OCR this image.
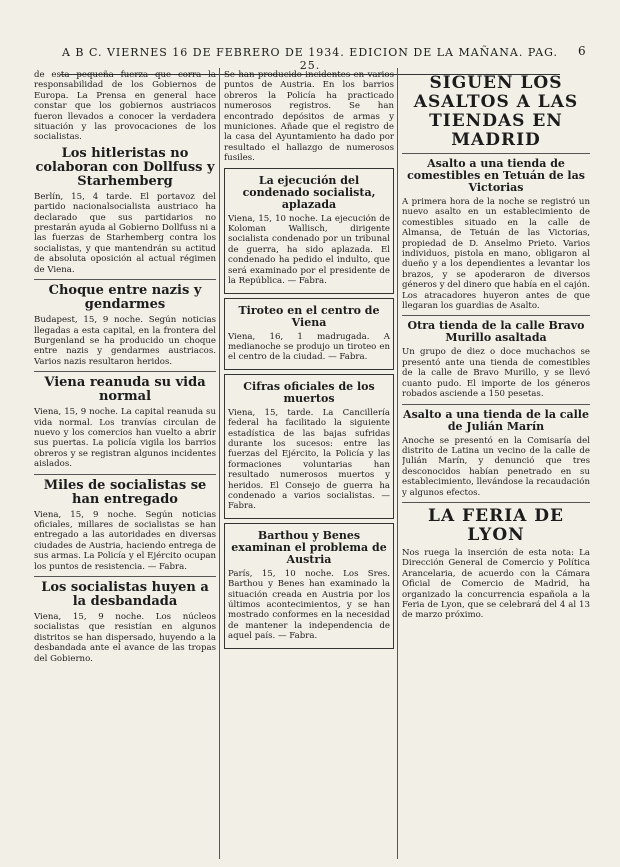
A B C. VIERNES 16 DE FEBRERO DE 1934. EDICION DE LA MAÑANA. PAG. 25.
6

de esta pequeña fuerza que corra la responsabilidad de los Gobiernos de Europa. La Prensa en general hace constar que los gobiernos austriacos fueron llevados a conocer la verdadera situación y las provocaciones de los socialistas.

Los hitleristas no colaboran con Dollfuss y Starhemberg

Berlín, 15, 4 tarde. El portavoz del partido nacionalsocialista austriaco ha declarado que sus partidarios no prestarán ayuda al Gobierno Dollfuss ni a las fuerzas de Starhemberg contra los socialistas, y que mantendrán su actitud de absoluta oposición al actual régimen de Viena.

Choque entre nazis y gendarmes

Budapest, 15, 9 noche. Según noticias llegadas a esta capital, en la frontera del Burgenland se ha producido un choque entre nazis y gendarmes austriacos. Varios nazis resultaron heridos.

Viena reanuda su vida normal

Viena, 15, 9 noche. La capital reanuda su vida normal. Los tranvías circulan de nuevo y los comercios han vuelto a abrir sus puertas. La policía vigila los barrios obreros y se registran algunos incidentes aislados.

Miles de socialistas se han entregado

Viena, 15, 9 noche. Según noticias oficiales, millares de socialistas se han entregado a las autoridades en diversas ciudades de Austria, haciendo entrega de sus armas. La Policía y el Ejército ocupan los puntos de resistencia. — Fabra.

Los socialistas huyen a la desbandada

Viena, 15, 9 noche. Los núcleos socialistas que resistían en algunos distritos se han dispersado, huyendo a la desbandada ante el avance de las tropas del Gobierno.

Se han producido incidentes en varios puntos de Austria. En los barrios obreros la Policía ha practicado numerosos registros. Se han encontrado depósitos de armas y municiones. Añade que el registro de la casa del Ayuntamiento ha dado por resultado el hallazgo de numerosos fusiles.

La ejecución del condenado socialista, aplazada

Viena, 15, 10 noche. La ejecución de Koloman Wallisch, dirigente socialista condenado por un tribunal de guerra, ha sido aplazada. El condenado ha pedido el indulto, que será examinado por el presidente de la República. — Fabra.

Tiroteo en el centro de Viena

Viena, 16, 1 madrugada. A medianoche se produjo un tiroteo en el centro de la ciudad. — Fabra.

Cifras oficiales de los muertos

Viena, 15, tarde. La Cancillería federal ha facilitado la siguiente estadística de las bajas sufridas durante los sucesos: entre las fuerzas del Ejército, la Policía y las formaciones voluntarias han resultado numerosos muertos y heridos. El Consejo de guerra ha condenado a varios socialistas. — Fabra.

Barthou y Benes examinan el problema de Austria

París, 15, 10 noche. Los Sres. Barthou y Benes han examinado la situación creada en Austria por los últimos acontecimientos, y se han mostrado conformes en la necesidad de mantener la independencia de aquel país. — Fabra.

SIGUEN LOS ASALTOS A LAS TIENDAS EN MADRID
Asalto a una tienda de comestibles en Tetuán de las Victorias

A primera hora de la noche se registró un nuevo asalto en un establecimiento de comestibles situado en la calle de Almansa, de Tetuán de las Victorias, propiedad de D. Anselmo Prieto. Varios individuos, pistola en mano, obligaron al dueño y a los dependientes a levantar los brazos, y se apoderaron de diversos géneros y del dinero que había en el cajón. Los atracadores huyeron antes de que llegaran los guardias de Asalto.

Otra tienda de la calle Bravo Murillo asaltada

Un grupo de diez o doce muchachos se presentó ante una tienda de comestibles de la calle de Bravo Murillo, y se llevó cuanto pudo. El importe de los géneros robados asciende a 150 pesetas.

Asalto a una tienda de la calle de Julián Marín

Anoche se presentó en la Comisaría del distrito de Latina un vecino de la calle de Julián Marín, y denunció que tres desconocidos habían penetrado en su establecimiento, llevándose la recaudación y algunos efectos.

LA FERIA DE LYON

Nos ruega la inserción de esta nota: La Dirección General de Comercio y Política Arancelaria, de acuerdo con la Cámara Oficial de Comercio de Madrid, ha organizado la concurrencia española a la Feria de Lyon, que se celebrará del 4 al 13 de marzo próximo.
